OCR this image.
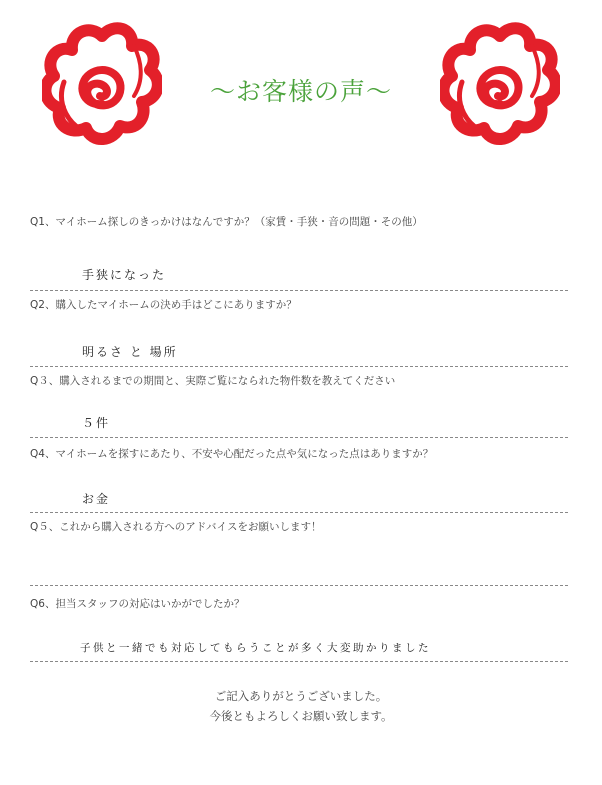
～お客様の声～
Q1、マイホーム探しのきっかけはなんですか？（家賃・手狭・音の問題・その他）
手狭になった
Q2、購入したマイホームの決め手はどこにありますか？
明るさ と 場所
Q３、購入されるまでの期間と、実際ご覧になられた物件数を教えてください
５件
Q4、マイホームを探すにあたり、不安や心配だった点や気になった点はありますか？
お金
Q５、これから購入される方へのアドバイスをお願いします！
Q6、担当スタッフの対応はいかがでしたか？
子供と一緒でも対応してもらうことが多く大変助かりました
ご記入ありがとうございました。
今後ともよろしくお願い致します。
